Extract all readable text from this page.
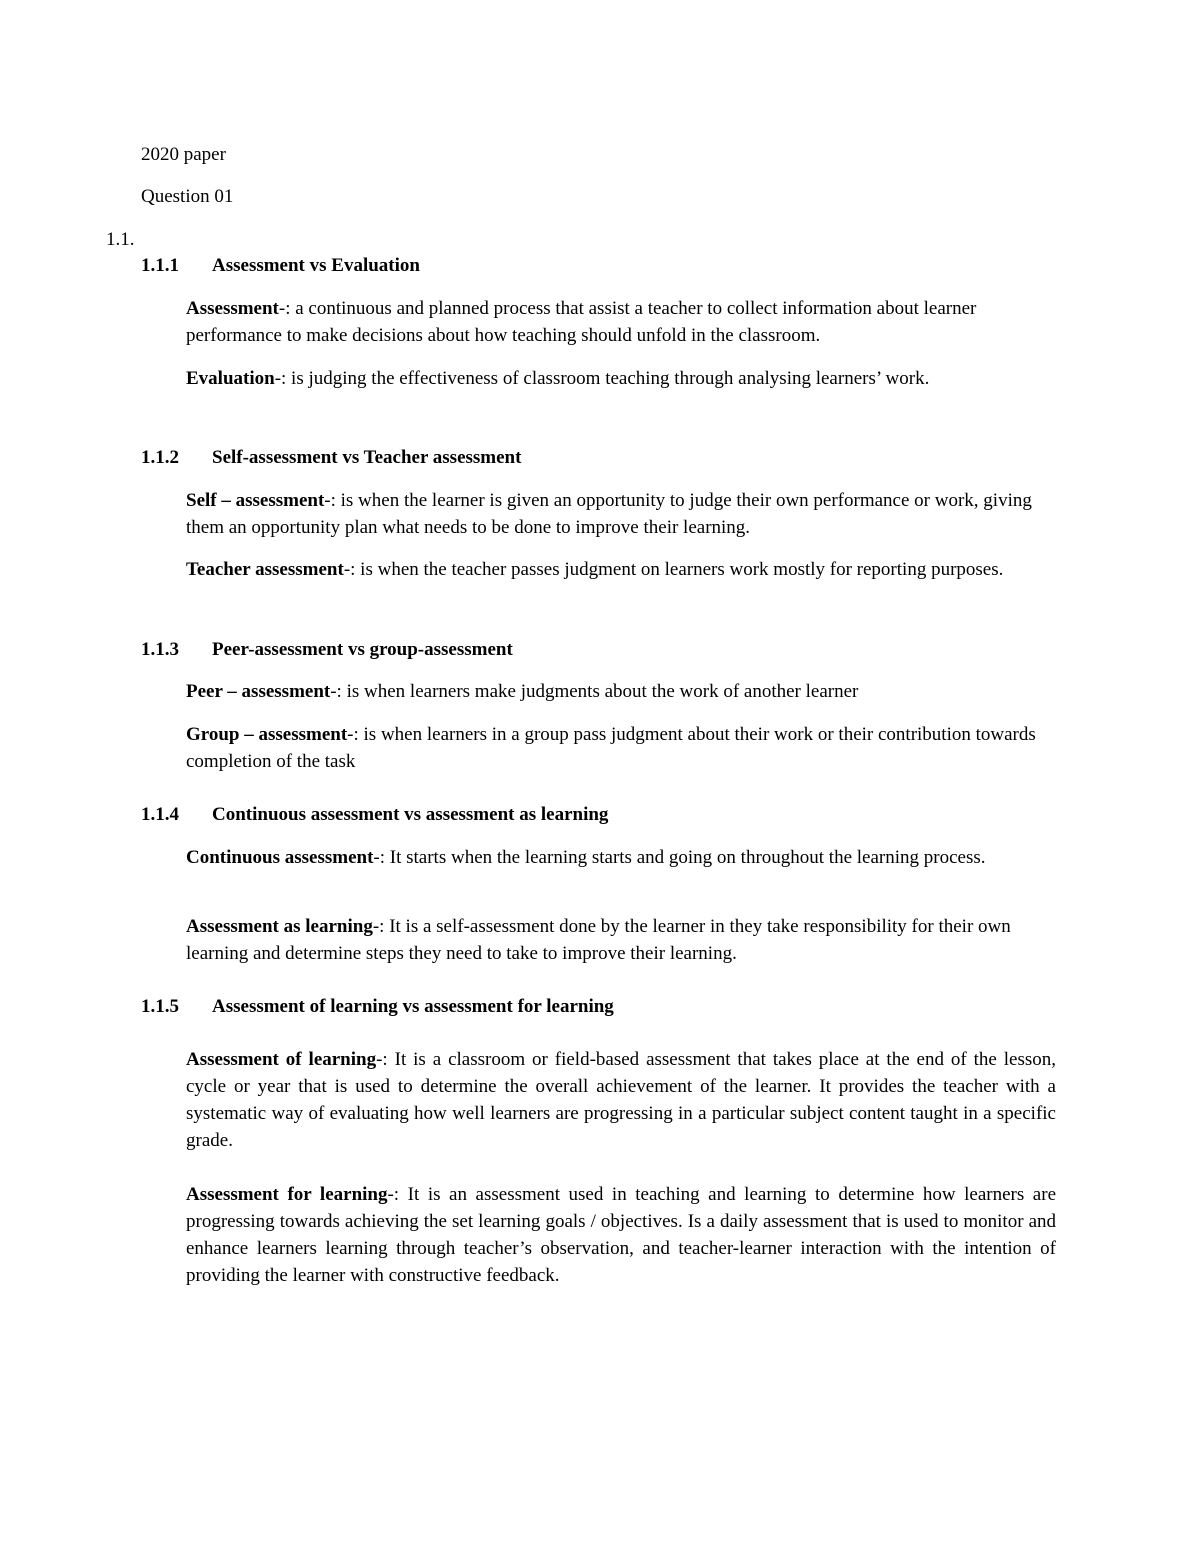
2020 paper
Question 01
1.1.
1.1.1 Assessment vs Evaluation

Assessment-: a continuous and planned process that assist a teacher to collect information about learner performance to make decisions about how teaching should unfold in the classroom.

Evaluation-: is judging the effectiveness of classroom teaching through analysing learners’ work.

1.1.2 Self-assessment vs Teacher assessment

Self – assessment-: is when the learner is given an opportunity to judge their own performance or work, giving them an opportunity plan what needs to be done to improve their learning.

Teacher assessment-: is when the teacher passes judgment on learners work mostly for reporting purposes.

1.1.3 Peer-assessment vs group-assessment

Peer – assessment-: is when learners make judgments about the work of another learner

Group – assessment-: is when learners in a group pass judgment about their work or their contribution towards completion of the task

1.1.4 Continuous assessment vs assessment as learning

Continuous assessment-: It starts when the learning starts and going on throughout the learning process.

Assessment as learning-: It is a self-assessment done by the learner in they take responsibility for their own learning and determine steps they need to take to improve their learning.

1.1.5 Assessment of learning vs assessment for learning

Assessment of learning-: It is a classroom or field-based assessment that takes place at the end of the lesson, cycle or year that is used to determine the overall achievement of the learner. It provides the teacher with a systematic way of evaluating how well learners are progressing in a particular subject content taught in a specific grade.

Assessment for learning-: It is an assessment used in teaching and learning to determine how learners are progressing towards achieving the set learning goals / objectives. Is a daily assessment that is used to monitor and enhance learners learning through teacher’s observation, and teacher-learner interaction with the intention of providing the learner with constructive feedback.
